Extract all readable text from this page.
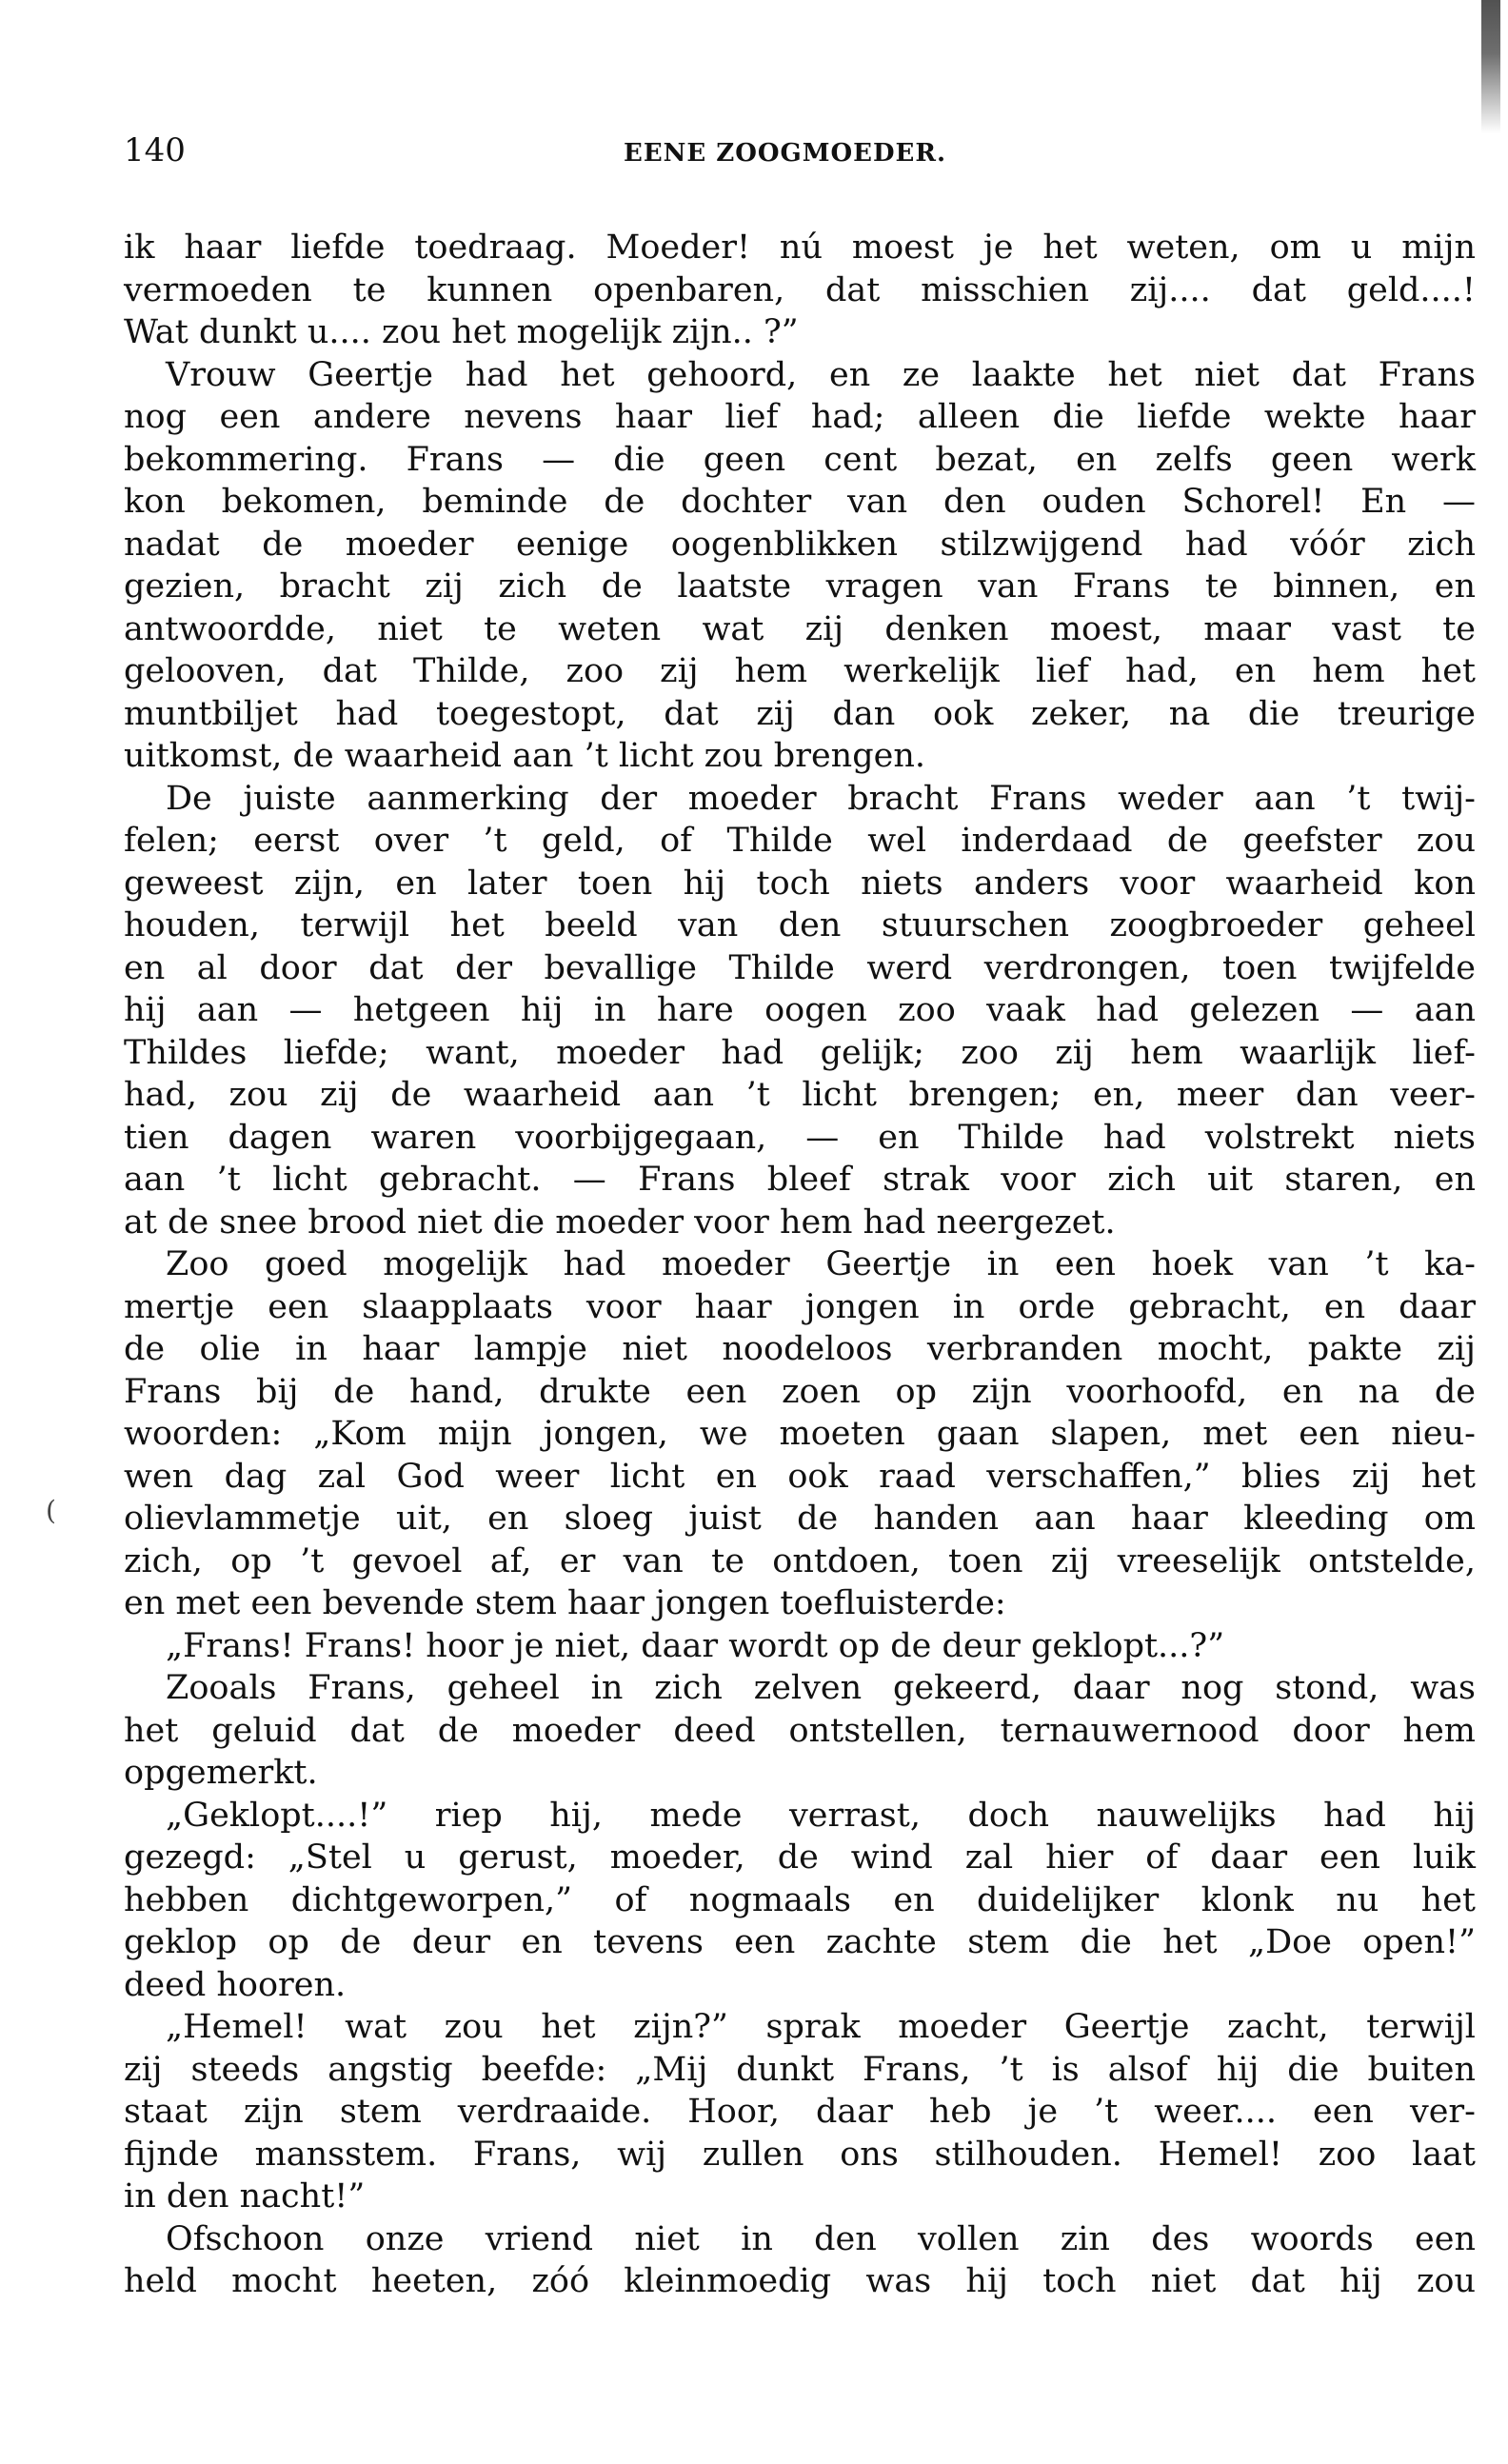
(
140	EENE ZOOGMOEDER.
ik haar liefde toedraag. Moeder! nú moest je het weten, om u mijn
vermoeden te kunnen openbaren, dat misschien zij.... dat geld....!
Wat dunkt u.... zou het mogelijk zijn.. ?”
Vrouw Geertje had het gehoord, en ze laakte het niet dat Frans
nog een andere nevens haar lief had; alleen die liefde wekte haar
bekommering. Frans — die geen cent bezat, en zelfs geen werk
kon bekomen, beminde de dochter van den ouden Schorel! En —
nadat de moeder eenige oogenblikken stilzwijgend had vóór zich
gezien, bracht zij zich de laatste vragen van Frans te binnen, en
antwoordde, niet te weten wat zij denken moest, maar vast te
gelooven, dat Thilde, zoo zij hem werkelijk lief had, en hem het
muntbiljet had toegestopt, dat zij dan ook zeker, na die treurige
uitkomst, de waarheid aan ’t licht zou brengen.
De juiste aanmerking der moeder bracht Frans weder aan ’t twij-
felen; eerst over ’t geld, of Thilde wel inderdaad de geefster zou
geweest zijn, en later toen hij toch niets anders voor waarheid kon
houden, terwijl het beeld van den stuurschen zoogbroeder geheel
en al door dat der bevallige Thilde werd verdrongen, toen twijfelde
hij aan — hetgeen hij in hare oogen zoo vaak had gelezen — aan
Thildes liefde; want, moeder had gelijk; zoo zij hem waarlijk lief-
had, zou zij de waarheid aan ’t licht brengen; en, meer dan veer-
tien dagen waren voorbijgegaan, — en Thilde had volstrekt niets
aan ’t licht gebracht. — Frans bleef strak voor zich uit staren, en
at de snee brood niet die moeder voor hem had neergezet.
Zoo goed mogelijk had moeder Geertje in een hoek van ’t ka-
mertje een slaapplaats voor haar jongen in orde gebracht, en daar
de olie in haar lampje niet noodeloos verbranden mocht, pakte zij
Frans bij de hand, drukte een zoen op zijn voorhoofd, en na de
woorden: „Kom mijn jongen, we moeten gaan slapen, met een nieu-
wen dag zal God weer licht en ook raad verschaffen,” blies zij het
olievlammetje uit, en sloeg juist de handen aan haar kleeding om
zich, op ’t gevoel af, er van te ontdoen, toen zij vreeselijk ontstelde,
en met een bevende stem haar jongen toefluisterde:
„Frans! Frans! hoor je niet, daar wordt op de deur geklopt...?”
Zooals Frans, geheel in zich zelven gekeerd, daar nog stond, was
het geluid dat de moeder deed ontstellen, ternauwernood door hem
opgemerkt.
„Geklopt....!” riep hij, mede verrast, doch nauwelijks had hij
gezegd: „Stel u gerust, moeder, de wind zal hier of daar een luik
hebben dichtgeworpen,” of nogmaals en duidelijker klonk nu het
geklop op de deur en tevens een zachte stem die het „Doe open!”
deed hooren.
„Hemel! wat zou het zijn?” sprak moeder Geertje zacht, terwijl
zij steeds angstig beefde: „Mij dunkt Frans, ’t is alsof hij die buiten
staat zijn stem verdraaide. Hoor, daar heb je ’t weer.... een ver-
fijnde mansstem. Frans, wij zullen ons stilhouden. Hemel! zoo laat
in den nacht!”
Ofschoon onze vriend niet in den vollen zin des woords een
held mocht heeten, zóó kleinmoedig was hij toch niet dat hij zou
